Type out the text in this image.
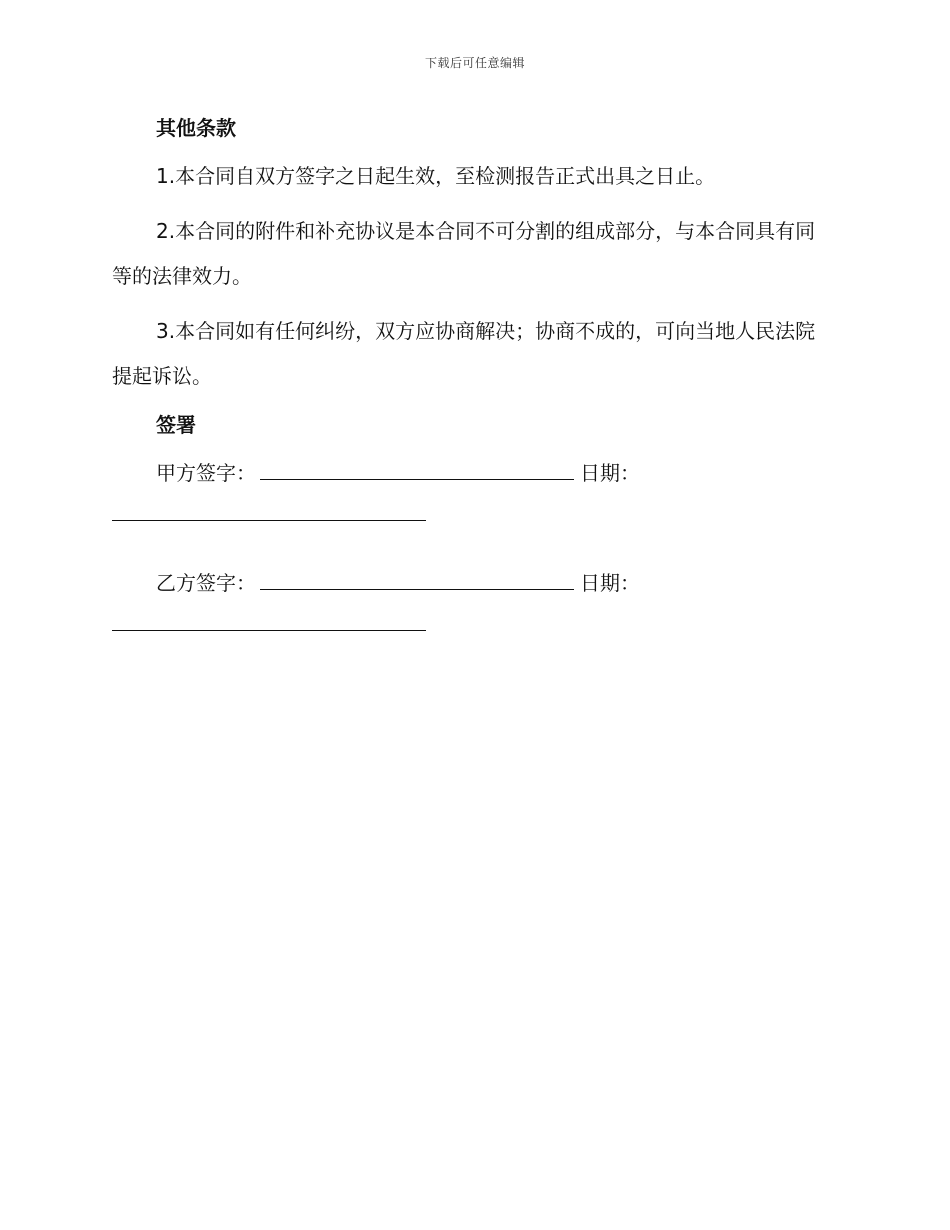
下载后可任意编辑

其他条款

1.本合同自双方签字之日起生效，至检测报告正式出具之日止。

2.本合同的附件和补充协议是本合同不可分割的组成部分，与本合同具有同等的法律效力。

3.本合同如有任何纠纷，双方应协商解决；协商不成的，可向当地人民法院提起诉讼。

签署

甲方签字：	日期：
乙方签字：	日期：
